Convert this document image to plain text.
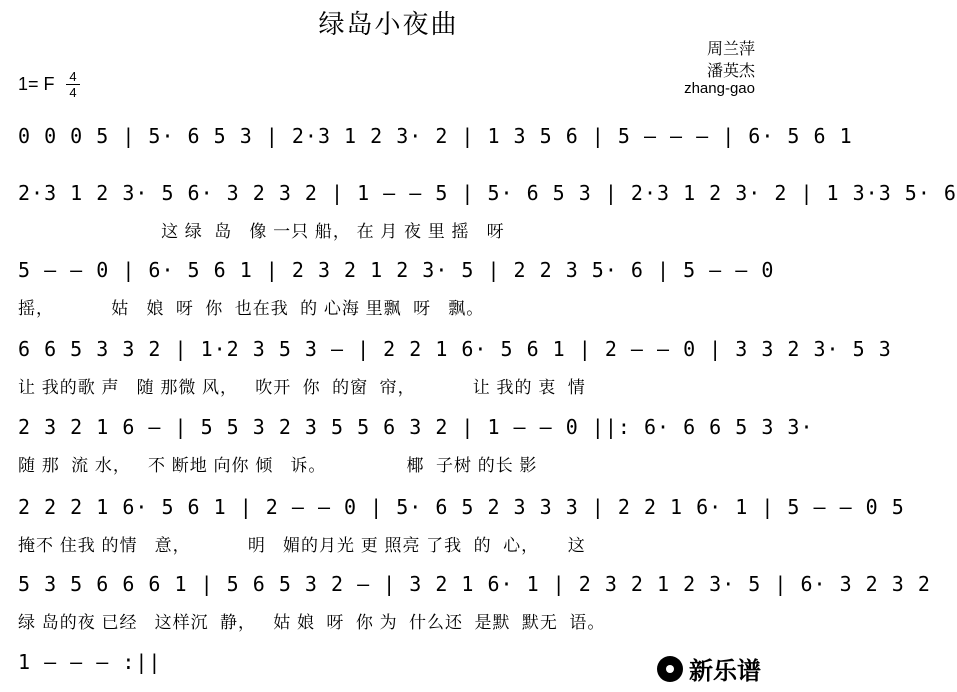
绿岛小夜曲
周兰萍
潘英杰
zhang-gao
1= F 4
4
0 0 0 5 | 5· 6 5 3 | 2·3 1 2 3· 2 | 1 3 5 6 | 5 — — — | 6· 5 6 1
2·3 1 2 3· 5 6· 3 2 3 2 | 1 — — 5 | 5· 6 5 3 | 2·3 1 2 3· 2 | 1 3·3 5· 6
这 绿  岛   像 一只 船， 在 月 夜 里 摇   呀
5 — — 0 | 6· 5 6 1 | 2 3 2 1 2 3· 5 | 2 2 3 5· 6 | 5 — — 0
摇，          姑   娘  呀  你  也在我  的 心海 里飘  呀   飘。
6 6 5 3 3 2 | 1·2 3 5 3 — | 2 2 1 6· 5 6 1 | 2 — — 0 | 3 3 2 3· 5 3
让 我的歌 声   随 那微 风，   吹开  你  的窗  帘，          让 我的 衷  情
2 3 2 1 6 — | 5 5 3 2 3 5 5 6 3 2 | 1 — — 0 ||: 6· 6 6 5 3 3·
随 那  流 水，   不 断地 向你 倾   诉。              椰  子树 的长 影
2 2 2 1 6· 5 6 1 | 2 — — 0 | 5· 6 5 2 3 3 3 | 2 2 1 6· 1 | 5 — — 0 5
掩不 住我 的情   意，          明   媚的月光 更 照亮 了我  的  心，     这
5 3 5 6 6 6 1 | 5 6 5 3 2 — | 3 2 1 6· 1 | 2 3 2 1 2 3· 5 | 6· 3 2 3 2
绿 岛的夜 已经   这样沉  静，   姑 娘  呀  你 为  什么还  是默  默无  语。
1 — — — :||	新乐谱
